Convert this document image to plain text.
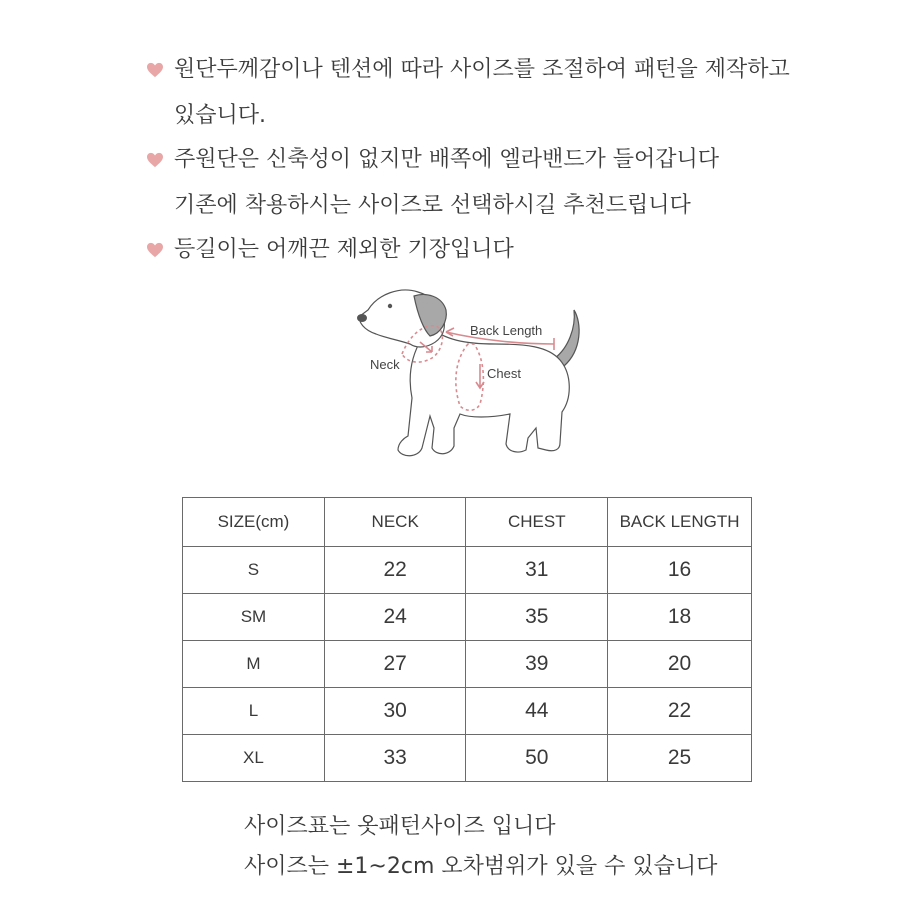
원단두께감이나 텐션에 따라 사이즈를 조절하여 패턴을 제작하고
있습니다.
주원단은 신축성이 없지만 배쪽에 엘라밴드가 들어갑니다
기존에 착용하시는 사이즈로 선택하시길 추천드립니다
등길이는 어깨끈 제외한 기장입니다
Back Length
Neck
Chest
SIZE(cm)	NECK	CHEST	BACK LENGTH
S	22	31	16
SM	24	35	18
M	27	39	20
L	30	44	22
XL	33	50	25
사이즈표는 옷패턴사이즈 입니다
사이즈는 ±1~2cm 오차범위가 있을 수 있습니다
